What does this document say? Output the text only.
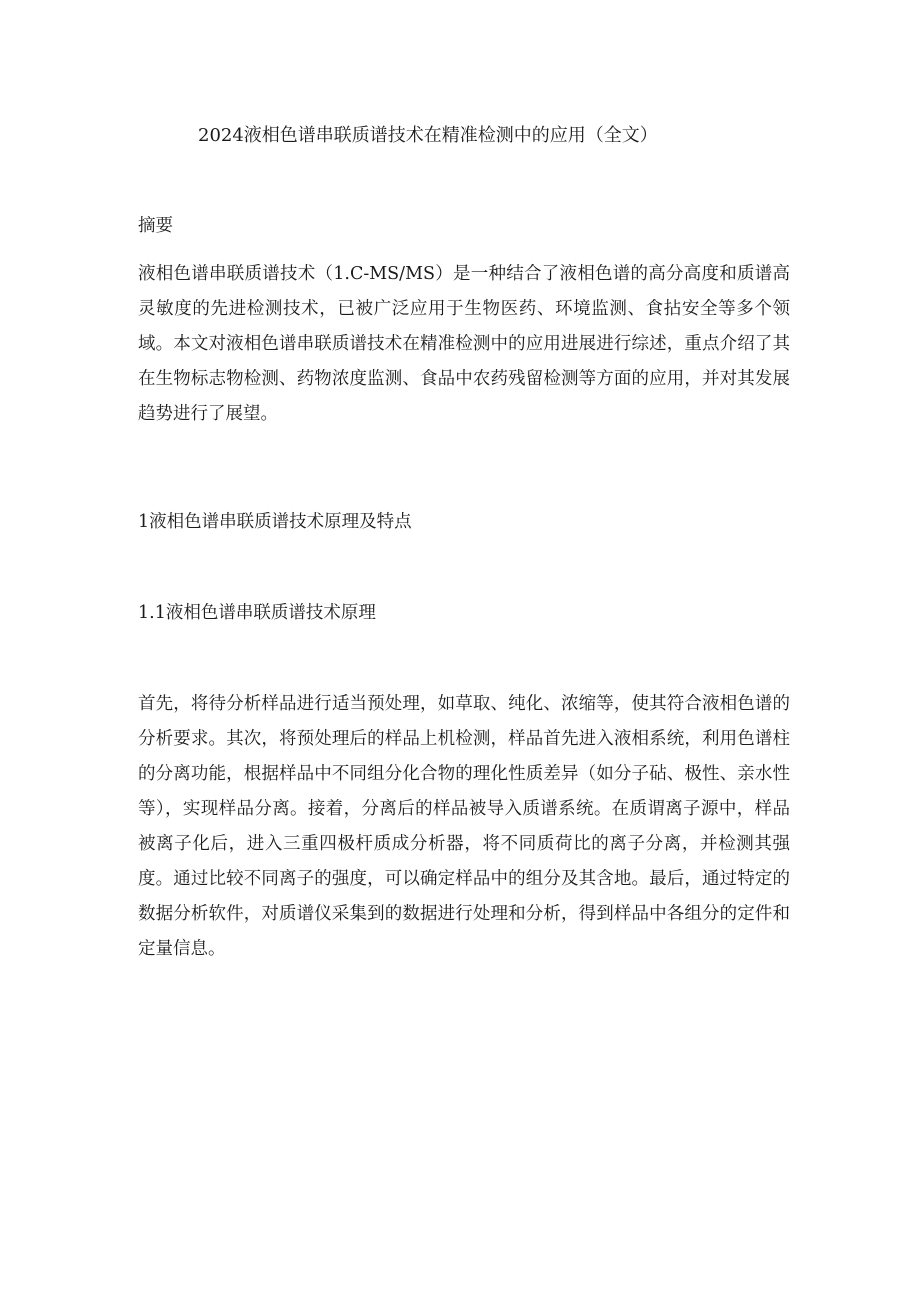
2024液相色谱串联质谱技术在精准检测中的应用（全文）
摘要

液相色谱串联质谱技术（1.C-MS/MS）是一种结合了液相色谱的高分高度和质谱高灵敏度的先进检测技术，已被广泛应用于生物医药、环境监测、食拈安全等多个领域。本文对液相色谱串联质谱技术在精准检测中的应用进展进行综述，重点介绍了其在生物标志物检测、药物浓度监测、食品中农药残留检测等方面的应用，并对其发展趋势进行了展望。

1液相色谱串联质谱技术原理及特点
1.1液相色谱串联质谱技术原理

首先，将待分析样品进行适当预处理，如草取、纯化、浓缩等，使其符合液相色谱的分析要求。其次，将预处理后的样品上机检测，样品首先进入液相系统，利用色谱柱的分离功能，根据样品中不同组分化合物的理化性质差异（如分子砧、极性、亲水性等），实现样品分离。接着，分离后的样品被导入质谱系统。在质谓离子源中，样品被离子化后，进入三重四极杆质成分析器，将不同质荷比的离子分离，并检测其强度。通过比较不同离子的强度，可以确定样品中的组分及其含地。最后，通过特定的数据分析软件，对质谱仪采集到的数据进行处理和分析，得到样品中各组分的定件和定量信息。
